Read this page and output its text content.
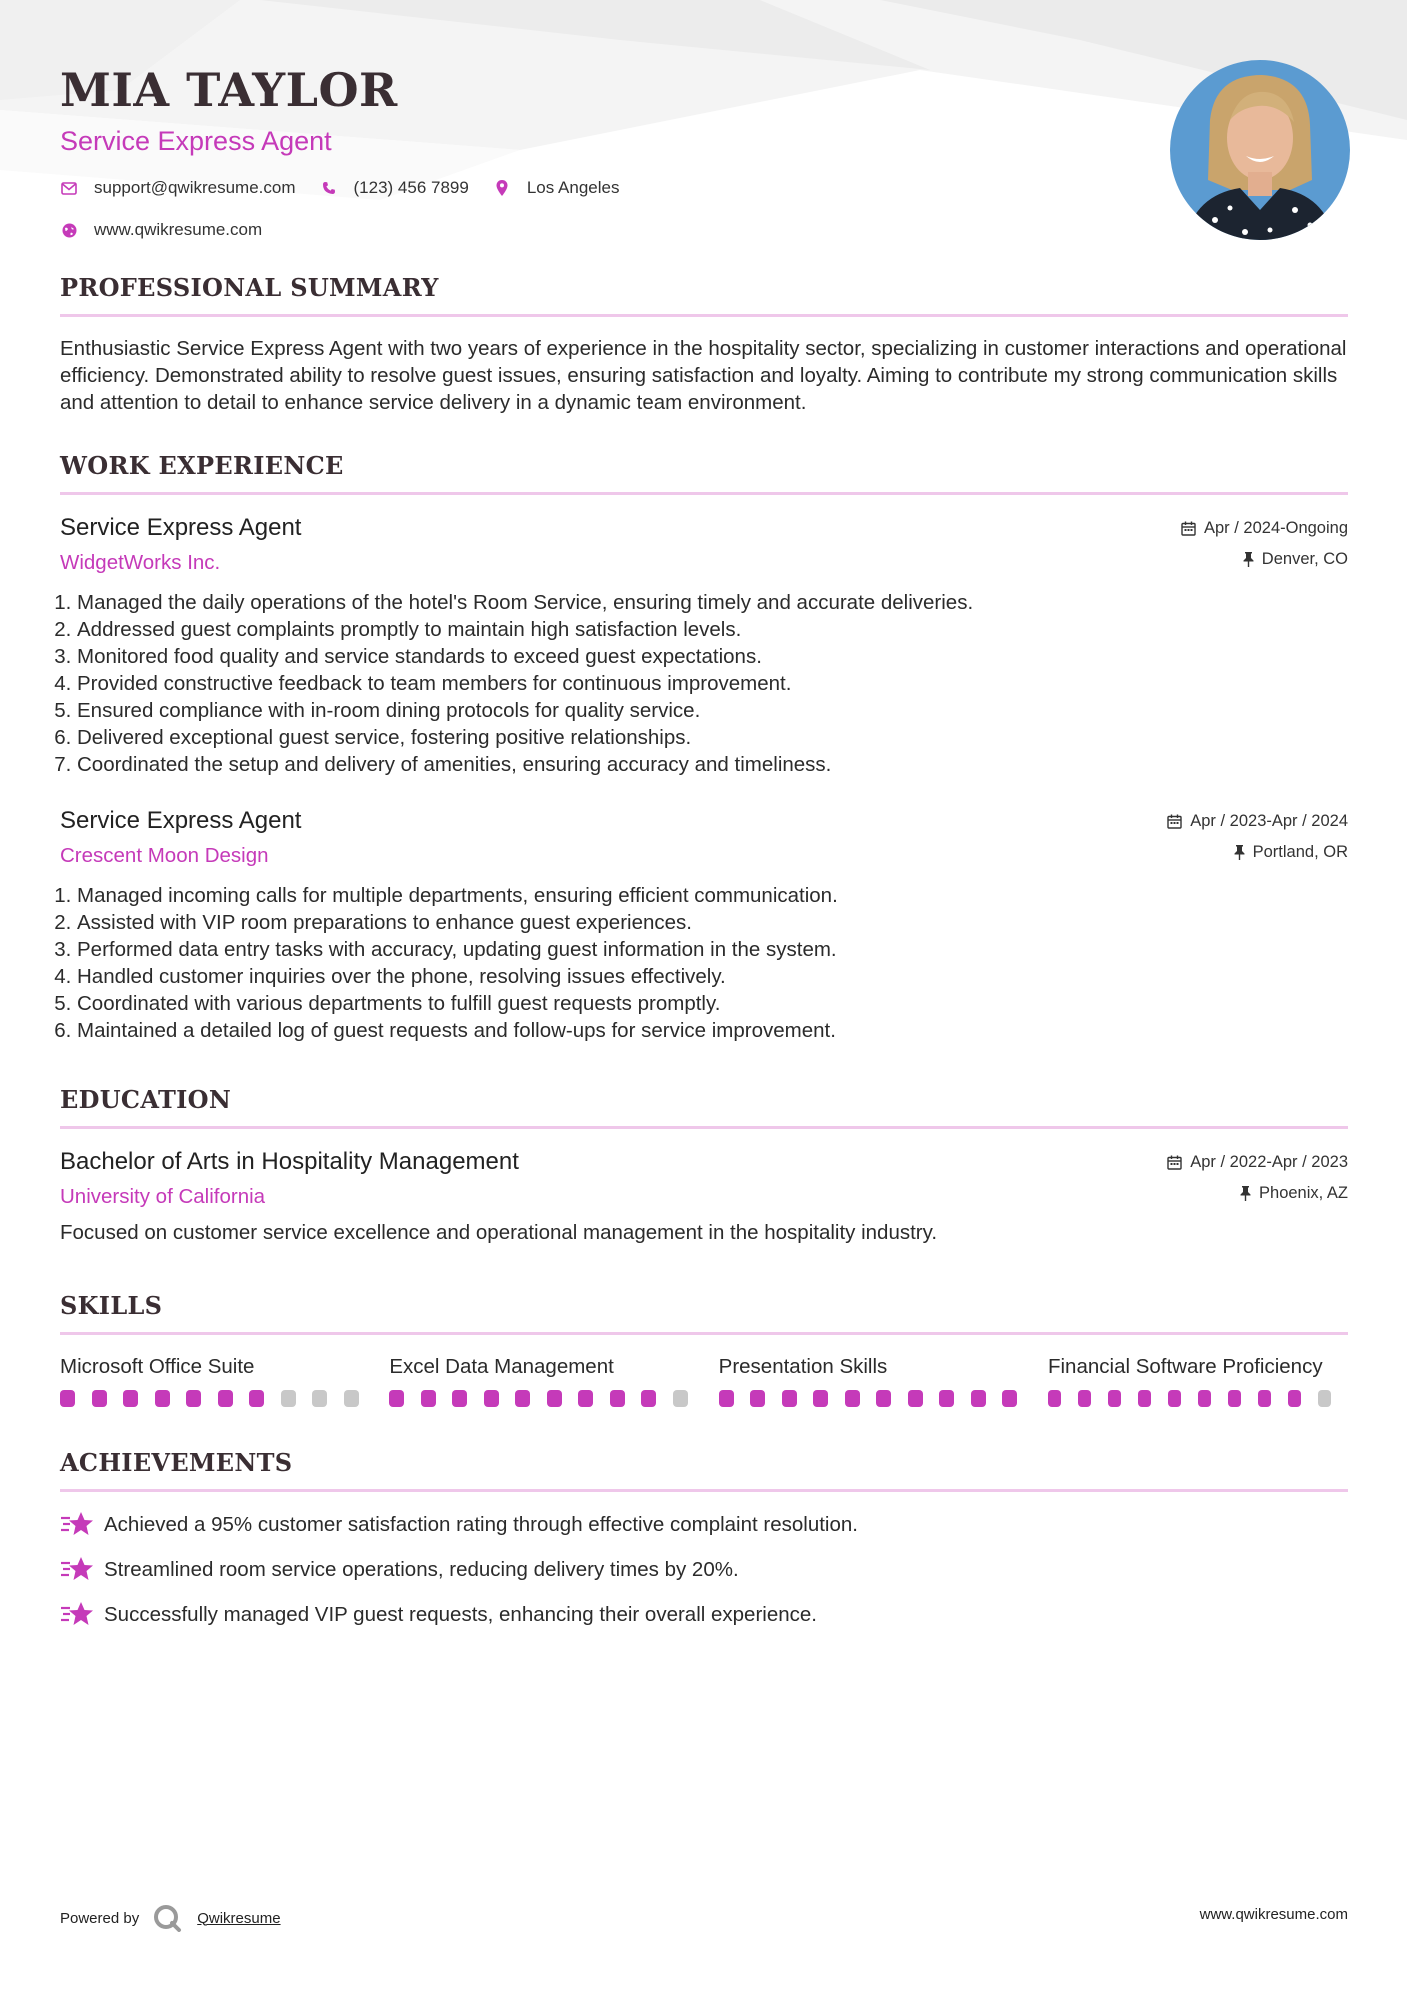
MIA TAYLOR
Service Express Agent
support@qwikresume.com	(123) 456 7899	Los Angeles
www.qwikresume.com
PROFESSIONAL SUMMARY
Enthusiastic Service Express Agent with two years of experience in the hospitality sector, specializing in customer interactions and operational efficiency. Demonstrated ability to resolve guest issues, ensuring satisfaction and loyalty. Aiming to contribute my strong communication skills and attention to detail to enhance service delivery in a dynamic team environment.
WORK EXPERIENCE
Service Express Agent
WidgetWorks Inc.
Apr / 2024-Ongoing
Denver, CO
1. Managed the daily operations of the hotel's Room Service, ensuring timely and accurate deliveries.
2. Addressed guest complaints promptly to maintain high satisfaction levels.
3. Monitored food quality and service standards to exceed guest expectations.
4. Provided constructive feedback to team members for continuous improvement.
5. Ensured compliance with in-room dining protocols for quality service.
6. Delivered exceptional guest service, fostering positive relationships.
7. Coordinated the setup and delivery of amenities, ensuring accuracy and timeliness.
Service Express Agent
Crescent Moon Design
Apr / 2023-Apr / 2024
Portland, OR
1. Managed incoming calls for multiple departments, ensuring efficient communication.
2. Assisted with VIP room preparations to enhance guest experiences.
3. Performed data entry tasks with accuracy, updating guest information in the system.
4. Handled customer inquiries over the phone, resolving issues effectively.
5. Coordinated with various departments to fulfill guest requests promptly.
6. Maintained a detailed log of guest requests and follow-ups for service improvement.
EDUCATION
Bachelor of Arts in Hospitality Management
University of California
Apr / 2022-Apr / 2023
Phoenix, AZ
Focused on customer service excellence and operational management in the hospitality industry.
SKILLS
Microsoft Office Suite	Excel Data Management	Presentation Skills	Financial Software Proficiency
ACHIEVEMENTS
Achieved a 95% customer satisfaction rating through effective complaint resolution.
Streamlined room service operations, reducing delivery times by 20%.
Successfully managed VIP guest requests, enhancing their overall experience.
Powered by	Qwikresume	www.qwikresume.com
